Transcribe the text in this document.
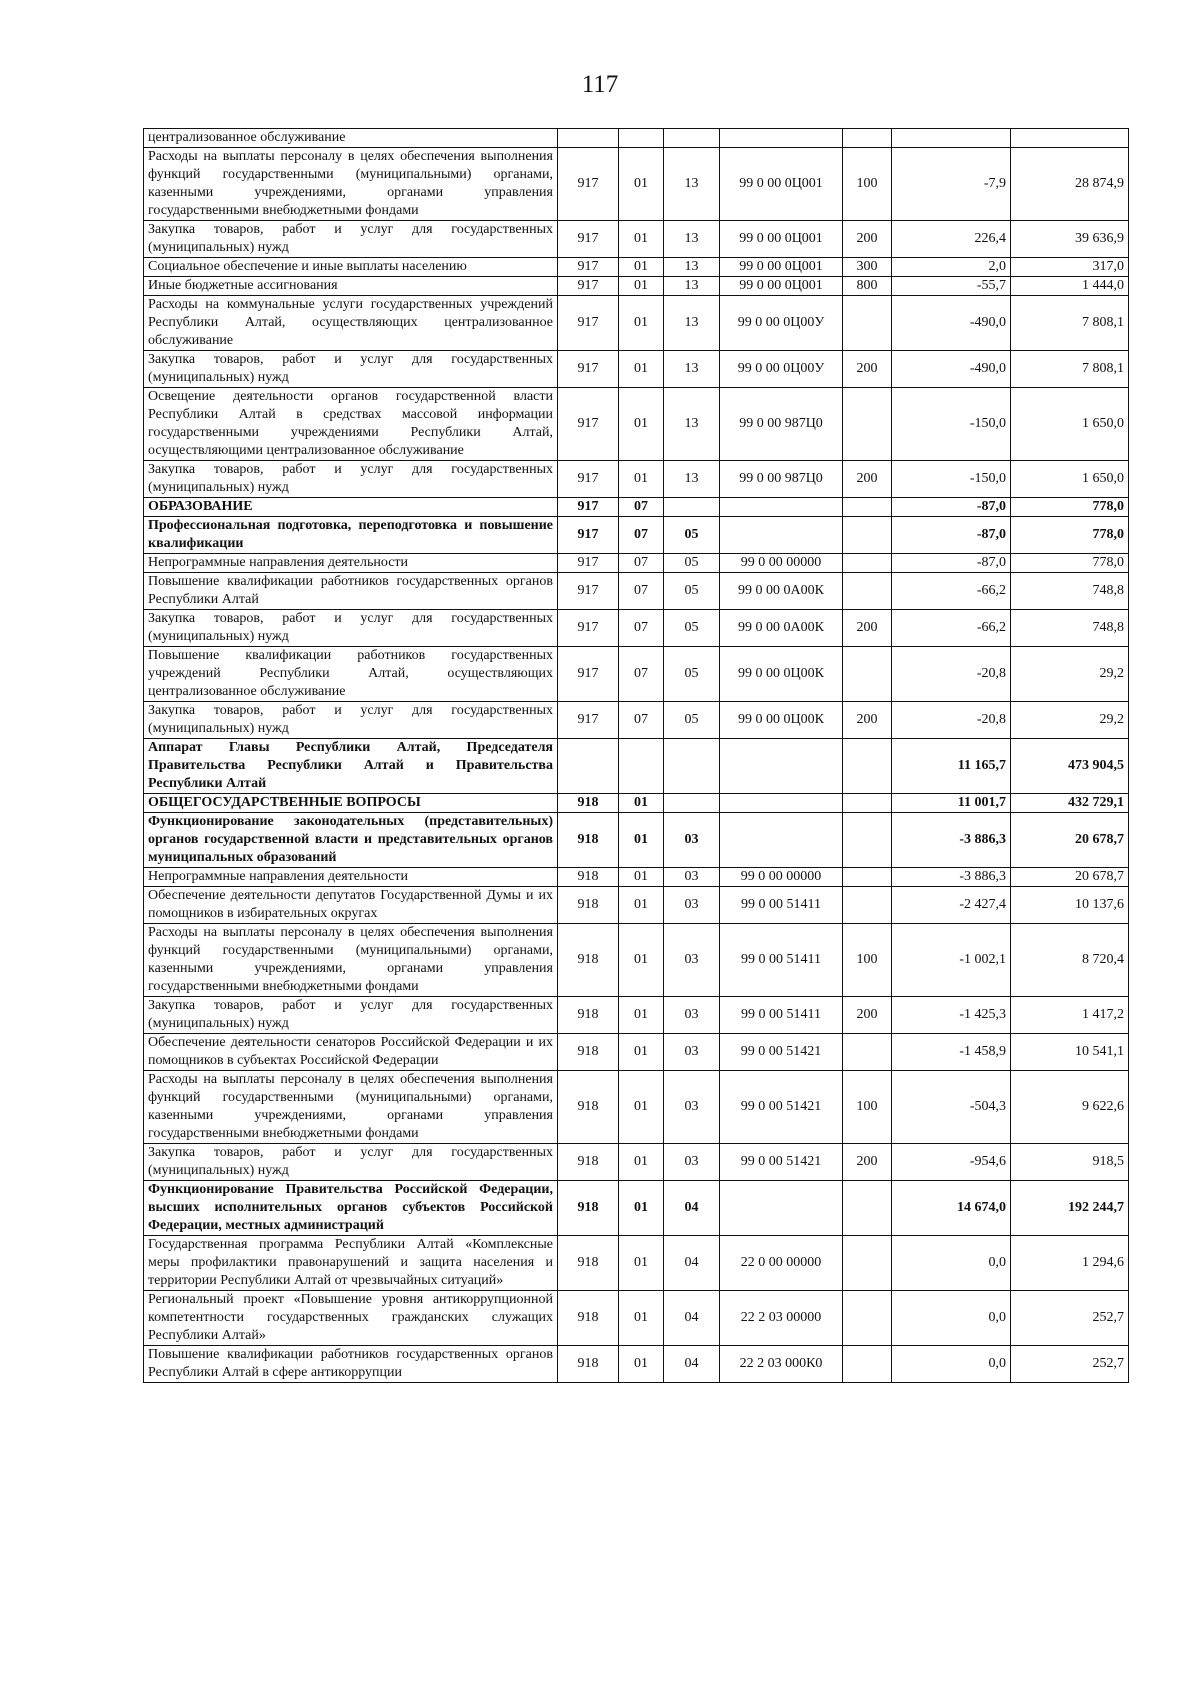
117
централизованное обслуживание							
Расходы на выплаты персоналу в целях обеспечения выполнения функций государственными (муниципальными) органами, казенными учреждениями, органами управления государственными внебюджетными фондами	917	01	13	99 0 00 0Ц001	100	-7,9	28 874,9
Закупка товаров, работ и услуг для государственных (муниципальных) нужд	917	01	13	99 0 00 0Ц001	200	226,4	39 636,9
Социальное обеспечение и иные выплаты населению	917	01	13	99 0 00 0Ц001	300	2,0	317,0
Иные бюджетные ассигнования	917	01	13	99 0 00 0Ц001	800	-55,7	1 444,0
Расходы на коммунальные услуги государственных учреждений Республики Алтай, осуществляющих централизованное обслуживание	917	01	13	99 0 00 0Ц00У		-490,0	7 808,1
Закупка товаров, работ и услуг для государственных (муниципальных) нужд	917	01	13	99 0 00 0Ц00У	200	-490,0	7 808,1
Освещение деятельности органов государственной власти Республики Алтай в средствах массовой информации государственными учреждениями Республики Алтай, осуществляющими централизованное обслуживание	917	01	13	99 0 00 987Ц0		-150,0	1 650,0
Закупка товаров, работ и услуг для государственных (муниципальных) нужд	917	01	13	99 0 00 987Ц0	200	-150,0	1 650,0
ОБРАЗОВАНИЕ	917	07				-87,0	778,0
Профессиональная подготовка, переподготовка и повышение квалификации	917	07	05			-87,0	778,0
Непрограммные направления деятельности	917	07	05	99 0 00 00000		-87,0	778,0
Повышение квалификации работников государственных органов Республики Алтай	917	07	05	99 0 00 0А00К		-66,2	748,8
Закупка товаров, работ и услуг для государственных (муниципальных) нужд	917	07	05	99 0 00 0А00К	200	-66,2	748,8
Повышение квалификации работников государственных учреждений Республики Алтай, осуществляющих централизованное обслуживание	917	07	05	99 0 00 0Ц00К		-20,8	29,2
Закупка товаров, работ и услуг для государственных (муниципальных) нужд	917	07	05	99 0 00 0Ц00К	200	-20,8	29,2
Аппарат Главы Республики Алтай, Председателя Правительства Республики Алтай и Правительства Республики Алтай						11 165,7	473 904,5
ОБЩЕГОСУДАРСТВЕННЫЕ ВОПРОСЫ	918	01				11 001,7	432 729,1
Функционирование законодательных (представительных) органов государственной власти и представительных органов муниципальных образований	918	01	03			-3 886,3	20 678,7
Непрограммные направления деятельности	918	01	03	99 0 00 00000		-3 886,3	20 678,7
Обеспечение деятельности депутатов Государственной Думы и их помощников в избирательных округах	918	01	03	99 0 00 51411		-2 427,4	10 137,6
Расходы на выплаты персоналу в целях обеспечения выполнения функций государственными (муниципальными) органами, казенными учреждениями, органами управления государственными внебюджетными фондами	918	01	03	99 0 00 51411	100	-1 002,1	8 720,4
Закупка товаров, работ и услуг для государственных (муниципальных) нужд	918	01	03	99 0 00 51411	200	-1 425,3	1 417,2
Обеспечение деятельности сенаторов Российской Федерации и их помощников в субъектах Российской Федерации	918	01	03	99 0 00 51421		-1 458,9	10 541,1
Расходы на выплаты персоналу в целях обеспечения выполнения функций государственными (муниципальными) органами, казенными учреждениями, органами управления государственными внебюджетными фондами	918	01	03	99 0 00 51421	100	-504,3	9 622,6
Закупка товаров, работ и услуг для государственных (муниципальных) нужд	918	01	03	99 0 00 51421	200	-954,6	918,5
Функционирование Правительства Российской Федерации, высших исполнительных органов субъектов Российской Федерации, местных администраций	918	01	04			14 674,0	192 244,7
Государственная программа Республики Алтай «Комплексные меры профилактики правонарушений и защита населения и территории Республики Алтай от чрезвычайных ситуаций»	918	01	04	22 0 00 00000		0,0	1 294,6
Региональный проект «Повышение уровня антикоррупционной компетентности государственных гражданских служащих Республики Алтай»	918	01	04	22 2 03 00000		0,0	252,7
Повышение квалификации работников государственных органов Республики Алтай в сфере антикоррупции	918	01	04	22 2 03 000К0		0,0	252,7
